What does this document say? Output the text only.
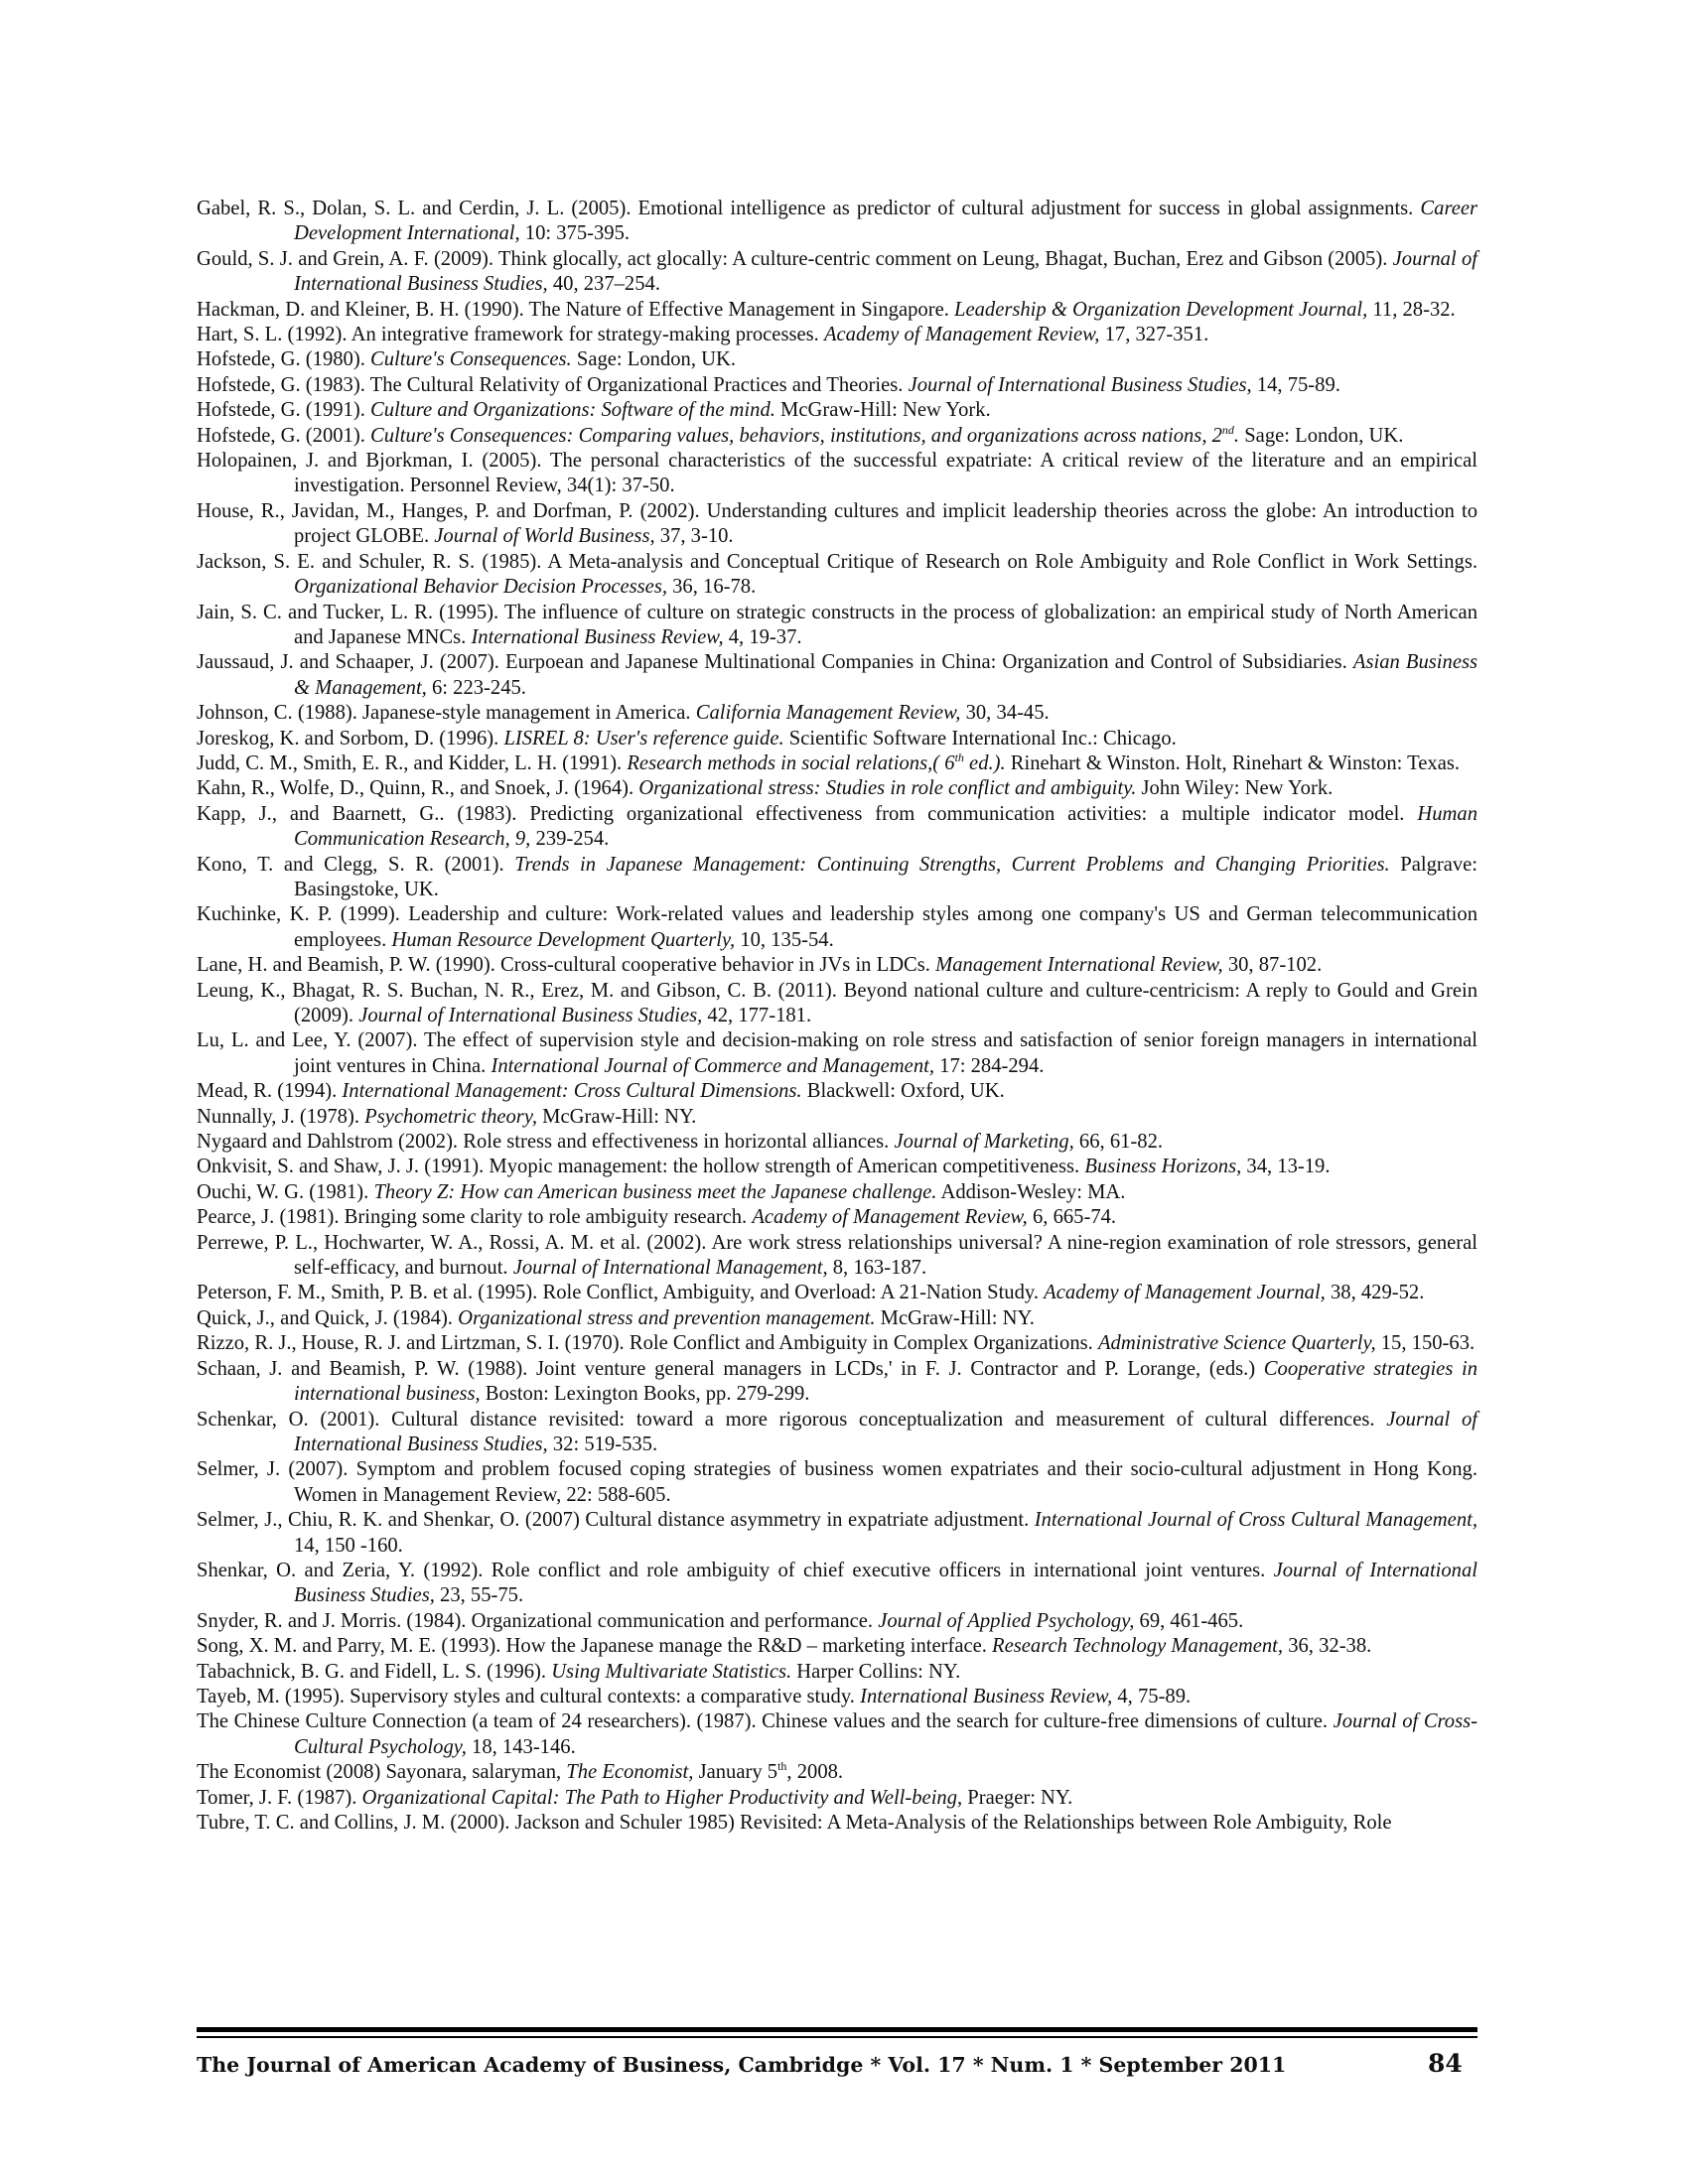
Gabel, R. S., Dolan, S. L. and Cerdin, J. L. (2005). Emotional intelligence as predictor of cultural adjustment for success in global assignments. Career Development International, 10: 375-395.

Gould, S. J. and Grein, A. F. (2009). Think glocally, act glocally: A culture-centric comment on Leung, Bhagat, Buchan, Erez and Gibson (2005). Journal of International Business Studies, 40, 237–254.

Hackman, D. and Kleiner, B. H. (1990). The Nature of Effective Management in Singapore. Leadership & Organization Development Journal, 11, 28-32.

Hart, S. L. (1992). An integrative framework for strategy-making processes. Academy of Management Review, 17, 327-351.

Hofstede, G. (1980). Culture's Consequences. Sage: London, UK.

Hofstede, G. (1983). The Cultural Relativity of Organizational Practices and Theories. Journal of International Business Studies, 14, 75-89.

Hofstede, G. (1991). Culture and Organizations: Software of the mind. McGraw-Hill: New York.

Hofstede, G. (2001). Culture's Consequences: Comparing values, behaviors, institutions, and organizations across nations, 2nd. Sage: London, UK.

Holopainen, J. and Bjorkman, I. (2005). The personal characteristics of the successful expatriate: A critical review of the literature and an empirical investigation. Personnel Review, 34(1): 37-50.

House, R., Javidan, M., Hanges, P. and Dorfman, P. (2002). Understanding cultures and implicit leadership theories across the globe: An introduction to project GLOBE. Journal of World Business, 37, 3-10.

Jackson, S. E. and Schuler, R. S. (1985). A Meta-analysis and Conceptual Critique of Research on Role Ambiguity and Role Conflict in Work Settings. Organizational Behavior Decision Processes, 36, 16-78.

Jain, S. C. and Tucker, L. R. (1995). The influence of culture on strategic constructs in the process of globalization: an empirical study of North American and Japanese MNCs. International Business Review, 4, 19-37.

Jaussaud, J. and Schaaper, J. (2007). Eurpoean and Japanese Multinational Companies in China: Organization and Control of Subsidiaries. Asian Business & Management, 6: 223-245.

Johnson, C. (1988). Japanese-style management in America. California Management Review, 30, 34-45.

Joreskog, K. and Sorbom, D. (1996). LISREL 8: User's reference guide. Scientific Software International Inc.: Chicago.

Judd, C. M., Smith, E. R., and Kidder, L. H. (1991). Research methods in social relations,( 6th ed.). Rinehart & Winston. Holt, Rinehart & Winston: Texas.

Kahn, R., Wolfe, D., Quinn, R., and Snoek, J. (1964). Organizational stress: Studies in role conflict and ambiguity. John Wiley: New York.

Kapp, J., and Baarnett, G.. (1983). Predicting organizational effectiveness from communication activities: a multiple indicator model. Human Communication Research, 9, 239-254.

Kono, T. and Clegg, S. R. (2001). Trends in Japanese Management: Continuing Strengths, Current Problems and Changing Priorities. Palgrave: Basingstoke, UK.

Kuchinke, K. P. (1999). Leadership and culture: Work-related values and leadership styles among one company's US and German telecommunication employees. Human Resource Development Quarterly, 10, 135-54.

Lane, H. and Beamish, P. W. (1990). Cross-cultural cooperative behavior in JVs in LDCs. Management International Review, 30, 87-102.

Leung, K., Bhagat, R. S. Buchan, N. R., Erez, M. and Gibson, C. B. (2011). Beyond national culture and culture-centricism: A reply to Gould and Grein (2009). Journal of International Business Studies, 42, 177-181.

Lu, L. and Lee, Y. (2007). The effect of supervision style and decision-making on role stress and satisfaction of senior foreign managers in international joint ventures in China. International Journal of Commerce and Management, 17: 284-294.

Mead, R. (1994). International Management: Cross Cultural Dimensions. Blackwell: Oxford, UK.

Nunnally, J. (1978). Psychometric theory, McGraw-Hill: NY.

Nygaard and Dahlstrom (2002). Role stress and effectiveness in horizontal alliances. Journal of Marketing, 66, 61-82.

Onkvisit, S. and Shaw, J. J. (1991). Myopic management: the hollow strength of American competitiveness. Business Horizons, 34, 13-19.

Ouchi, W. G. (1981). Theory Z: How can American business meet the Japanese challenge. Addison-Wesley: MA.

Pearce, J. (1981). Bringing some clarity to role ambiguity research. Academy of Management Review, 6, 665-74.

Perrewe, P. L., Hochwarter, W. A., Rossi, A. M. et al. (2002). Are work stress relationships universal? A nine-region examination of role stressors, general self-efficacy, and burnout. Journal of International Management, 8, 163-187.

Peterson, F. M., Smith, P. B. et al. (1995). Role Conflict, Ambiguity, and Overload: A 21-Nation Study. Academy of Management Journal, 38, 429-52.

Quick, J., and Quick, J. (1984). Organizational stress and prevention management. McGraw-Hill: NY.

Rizzo, R. J., House, R. J. and Lirtzman, S. I. (1970). Role Conflict and Ambiguity in Complex Organizations. Administrative Science Quarterly, 15, 150-63.

Schaan, J. and Beamish, P. W. (1988). Joint venture general managers in LCDs,' in F. J. Contractor and P. Lorange, (eds.) Cooperative strategies in international business, Boston: Lexington Books, pp. 279-299.

Schenkar, O. (2001). Cultural distance revisited: toward a more rigorous conceptualization and measurement of cultural differences. Journal of International Business Studies, 32: 519-535.

Selmer, J. (2007). Symptom and problem focused coping strategies of business women expatriates and their socio-cultural adjustment in Hong Kong. Women in Management Review, 22: 588-605.

Selmer, J., Chiu, R. K. and Shenkar, O. (2007) Cultural distance asymmetry in expatriate adjustment. International Journal of Cross Cultural Management, 14, 150 -160.

Shenkar, O. and Zeria, Y. (1992). Role conflict and role ambiguity of chief executive officers in international joint ventures. Journal of International Business Studies, 23, 55-75.

Snyder, R. and J. Morris. (1984). Organizational communication and performance. Journal of Applied Psychology, 69, 461-465.

Song, X. M. and Parry, M. E. (1993). How the Japanese manage the R&D – marketing interface. Research Technology Management, 36, 32-38.

Tabachnick, B. G. and Fidell, L. S. (1996). Using Multivariate Statistics. Harper Collins: NY.

Tayeb, M. (1995). Supervisory styles and cultural contexts: a comparative study. International Business Review, 4, 75-89.

The Chinese Culture Connection (a team of 24 researchers). (1987). Chinese values and the search for culture-free dimensions of culture. Journal of Cross-Cultural Psychology, 18, 143-146.

The Economist (2008) Sayonara, salaryman, The Economist, January 5th, 2008.

Tomer, J. F. (1987). Organizational Capital: The Path to Higher Productivity and Well-being, Praeger: NY.

Tubre, T. C. and Collins, J. M. (2000). Jackson and Schuler 1985) Revisited: A Meta-Analysis of the Relationships between Role Ambiguity, Role

The Journal of American Academy of Business, Cambridge * Vol. 17 * Num. 1 * September 2011	84
